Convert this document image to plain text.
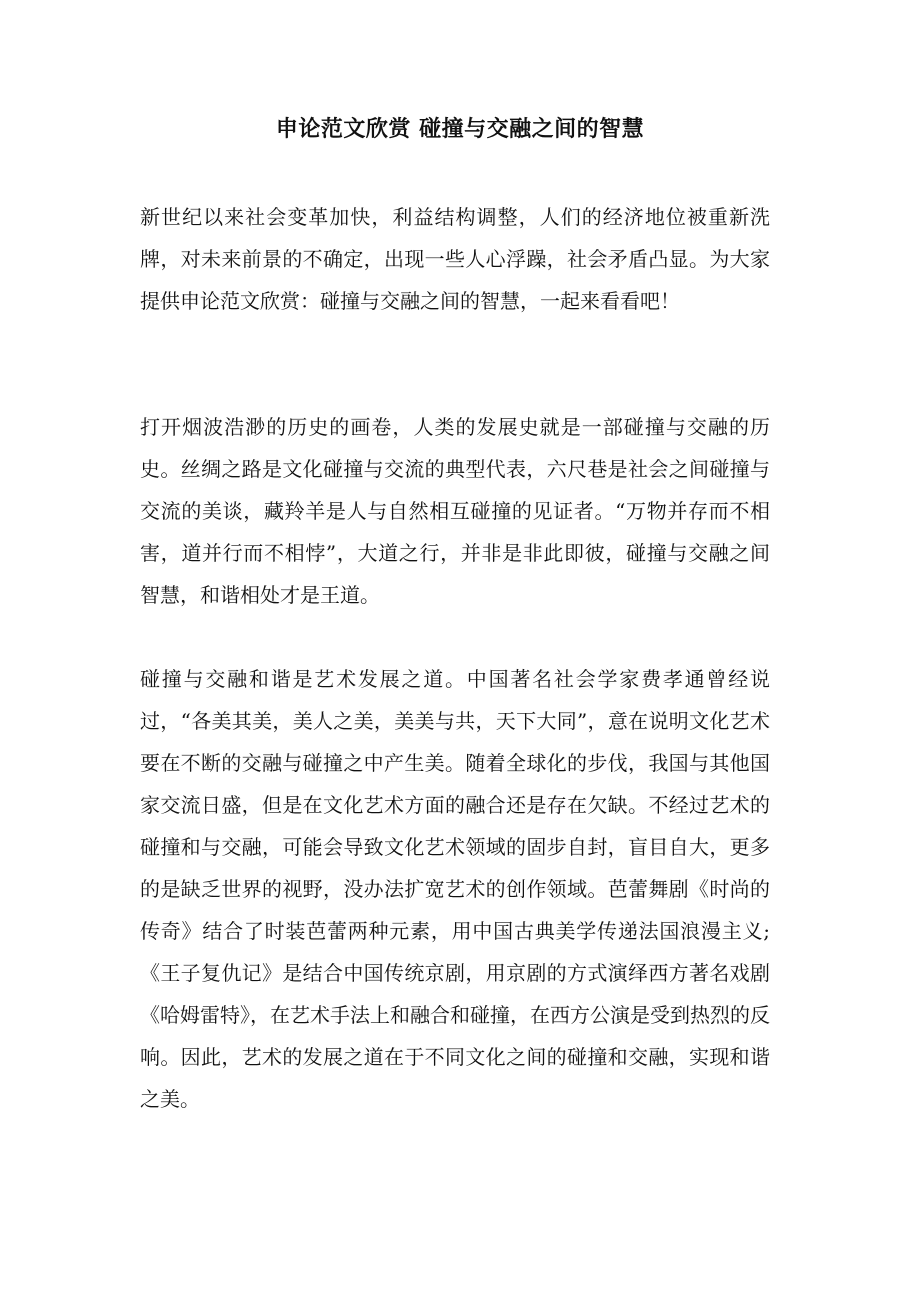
申论范文欣赏 碰撞与交融之间的智慧
新世纪以来社会变革加快，利益结构调整，人们的经济地位被重新洗牌，对未来前景的不确定，出现一些人心浮躁，社会矛盾凸显。为大家提供申论范文欣赏：碰撞与交融之间的智慧，一起来看看吧！
打开烟波浩渺的历史的画卷，人类的发展史就是一部碰撞与交融的历史。丝绸之路是文化碰撞与交流的典型代表，六尺巷是社会之间碰撞与交流的美谈，藏羚羊是人与自然相互碰撞的见证者。“万物并存而不相害，道并行而不相悖”，大道之行，并非是非此即彼，碰撞与交融之间智慧，和谐相处才是王道。
碰撞与交融和谐是艺术发展之道。中国著名社会学家费孝通曾经说过，“各美其美，美人之美，美美与共，天下大同”，意在说明文化艺术要在不断的交融与碰撞之中产生美。随着全球化的步伐，我国与其他国家交流日盛，但是在文化艺术方面的融合还是存在欠缺。不经过艺术的碰撞和与交融，可能会导致文化艺术领域的固步自封，盲目自大，更多的是缺乏世界的视野，没办法扩宽艺术的创作领域。芭蕾舞剧《时尚的传奇》结合了时装芭蕾两种元素，用中国古典美学传递法国浪漫主义;《王子复仇记》是结合中国传统京剧，用京剧的方式演绎西方著名戏剧《哈姆雷特》，在艺术手法上和融合和碰撞，在西方公演是受到热烈的反响。因此，艺术的发展之道在于不同文化之间的碰撞和交融，实现和谐之美。
